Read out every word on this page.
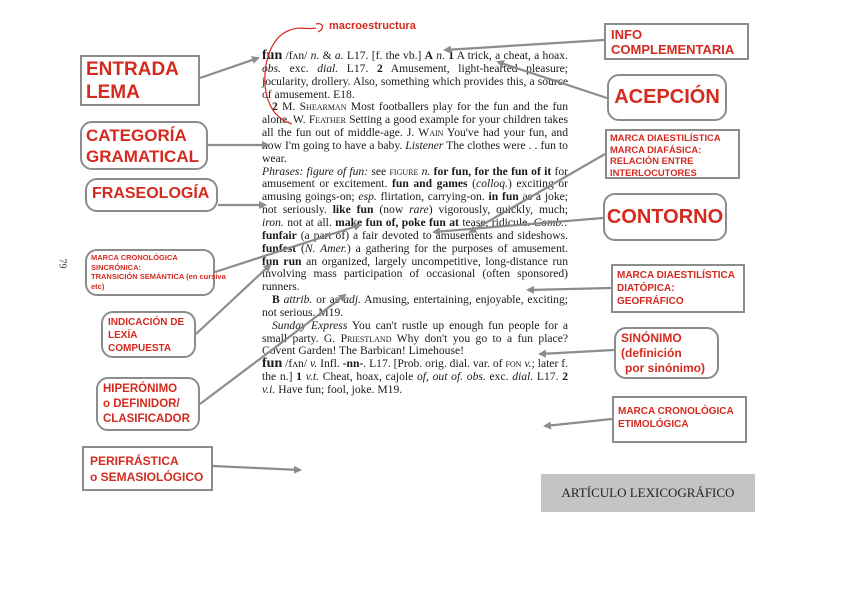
fun /fʌn/ n. & a. L17. [f. the vb.] A n. 1 A trick, a cheat, a hoax. obs. exc. dial. L17. 2 Amusement, light-hearted pleasure; jocularity, drollery. Also, something which provides this, a source of amusement. E18.

2 M. Shearman Most footballers play for the fun and the fun alone. W. Feather Setting a good example for your children takes all the fun out of middle-age. J. Wain You've had your fun, and now I'm going to have a baby. Listener The clothes were . . fun to wear.

Phrases: figure of fun: see figure n. for fun, for the fun of it for amusement or excitement. fun and games (colloq.) exciting or amusing goings-on; esp. flirtation, carrying-on. in fun as a joke; not seriously. like fun (now rare) vigorously, quickly, much; iron. not at all. make fun of, poke fun at tease, ridicule. Comb.: funfair (a part of) a fair devoted to amusements and sideshows. funfest (N. Amer.) a gathering for the purposes of amusement. fun run an organized, largely uncompetitive, long-distance run involving mass participation of occasional (often sponsored) runners.

B attrib. or as adj. Amusing, entertaining, enjoyable, exciting; not serious. M19.

Sunday Express You can't rustle up enough fun people for a small party. G. Priestland Why don't you go to a fun place? Covent Garden! The Barbican! Limehouse!

fun /fʌn/ v. Infl. -nn-. L17. [Prob. orig. dial. var. of fon v.; later f. the n.] 1 v.t. Cheat, hoax, cajole of, out of. obs. exc. dial. L17. 2 v.i. Have fun; fool, joke. M19.

79
macroestructura
ENTRADA
LEMA
CATEGORÍA
GRAMATICAL
FRASEOLOGÍA
MARCA CRONOLÓGICA
SINCRÓNICA:
TRANSICIÓN SEMÁNTICA (en cursiva
etc)
INDICACIÓN DE
LEXÍA
COMPUESTA
HIPERÓNIMO
o DEFINIDOR/
CLASIFICADOR
PERIFRÁSTICA
o SEMASIOLÓGICO
INFO
COMPLEMENTARIA
ACEPCIÓN
MARCA DIAESTILÍSTICA
MARCA DIAFÁSICA:
RELACIÓN ENTRE
INTERLOCUTORES
CONTORNO
MARCA DIAESTILÍSTICA
DIATÓPICA:
GEOFRÁFICO
SINÓNIMO
(definición
por sinónimo)
MARCA CRONOLÓGICA
ETIMOLÓGICA
ARTÍCULO LEXICOGRÁFICO
